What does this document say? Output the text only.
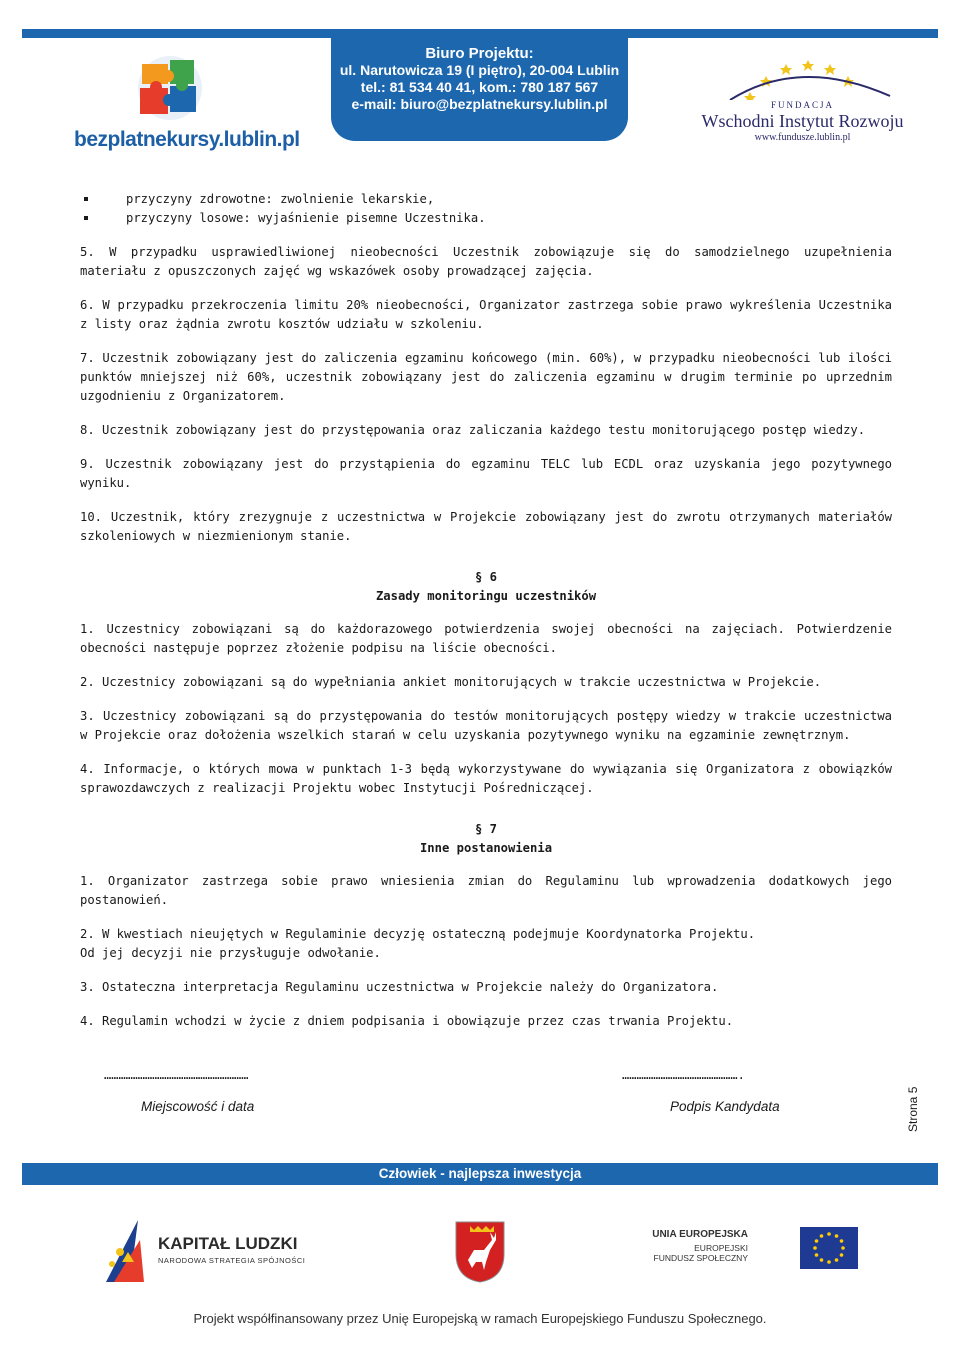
Biuro Projektu:
ul. Narutowicza 19 (I piętro), 20-004 Lublin
tel.: 81 534 40 41, kom.: 780 187 567
e-mail: biuro@bezplatnekursy.lublin.pl
bezplatnekursy.lublin.pl
FUNDACJA
Wschodni Instytut Rozwoju
www.fundusze.lublin.pl
przyczyny zdrowotne: zwolnienie lekarskie,
przyczyny losowe: wyjaśnienie pisemne Uczestnika.

5. W przypadku usprawiedliwionej nieobecności Uczestnik zobowiązuje się do samodzielnego uzupełnienia materiału z opuszczonych zajęć wg wskazówek osoby prowadzącej zajęcia.

6. W przypadku przekroczenia limitu 20% nieobecności, Organizator zastrzega sobie prawo wykreślenia Uczestnika z listy oraz żądnia zwrotu kosztów udziału w szkoleniu.

7. Uczestnik zobowiązany jest do zaliczenia egzaminu końcowego (min. 60%), w przypadku nieobecności lub ilości punktów mniejszej niż 60%, uczestnik zobowiązany jest do zaliczenia egzaminu w drugim terminie po uprzednim uzgodnieniu z Organizatorem.

8. Uczestnik zobowiązany jest do przystępowania oraz zaliczania każdego testu monitorującego postęp wiedzy.

9. Uczestnik zobowiązany jest do przystąpienia do egzaminu TELC lub ECDL oraz uzyskania jego pozytywnego wyniku.

10. Uczestnik, który zrezygnuje z uczestnictwa w Projekcie zobowiązany jest do zwrotu otrzymanych materiałów szkoleniowych w niezmienionym stanie.

§ 6
Zasady monitoringu uczestników

1. Uczestnicy zobowiązani są do każdorazowego potwierdzenia swojej obecności na zajęciach. Potwierdzenie obecności następuje poprzez złożenie podpisu na liście obecności.

2. Uczestnicy zobowiązani są do wypełniania ankiet monitorujących w trakcie uczestnictwa w Projekcie.

3. Uczestnicy zobowiązani są do przystępowania do testów monitorujących postępy wiedzy w trakcie uczestnictwa w Projekcie oraz dołożenia wszelkich starań w celu uzyskania pozytywnego wyniku na egzaminie zewnętrznym.

4. Informacje, o których mowa w punktach 1-3 będą wykorzystywane do wywiązania się Organizatora z obowiązków sprawozdawczych z realizacji Projektu wobec Instytucji Pośredniczącej.

§ 7
Inne postanowienia

1. Organizator zastrzega sobie prawo wniesienia zmian do Regulaminu lub wprowadzenia dodatkowych jego postanowień.

2. W kwestiach nieujętych w Regulaminie decyzję ostateczną podejmuje Koordynatorka Projektu.

Od jej decyzji nie przysługuje odwołanie.

3. Ostateczna interpretacja Regulaminu uczestnictwa w Projekcie należy do Organizatora.

4. Regulamin wchodzi w życie z dniem podpisania i obowiązuje przez czas trwania Projektu.

……………………………………………………	………………………………………….
Miejscowość i data	Podpis Kandydata	Strona 5
Człowiek - najlepsza inwestycja
KAPITAŁ LUDZKI
NARODOWA STRATEGIA SPÓJNOŚCI
UNIA EUROPEJSKA
EUROPEJSKI
FUNDUSZ SPOŁECZNY
Projekt współfinansowany przez Unię Europejską w ramach Europejskiego Funduszu Społecznego.
